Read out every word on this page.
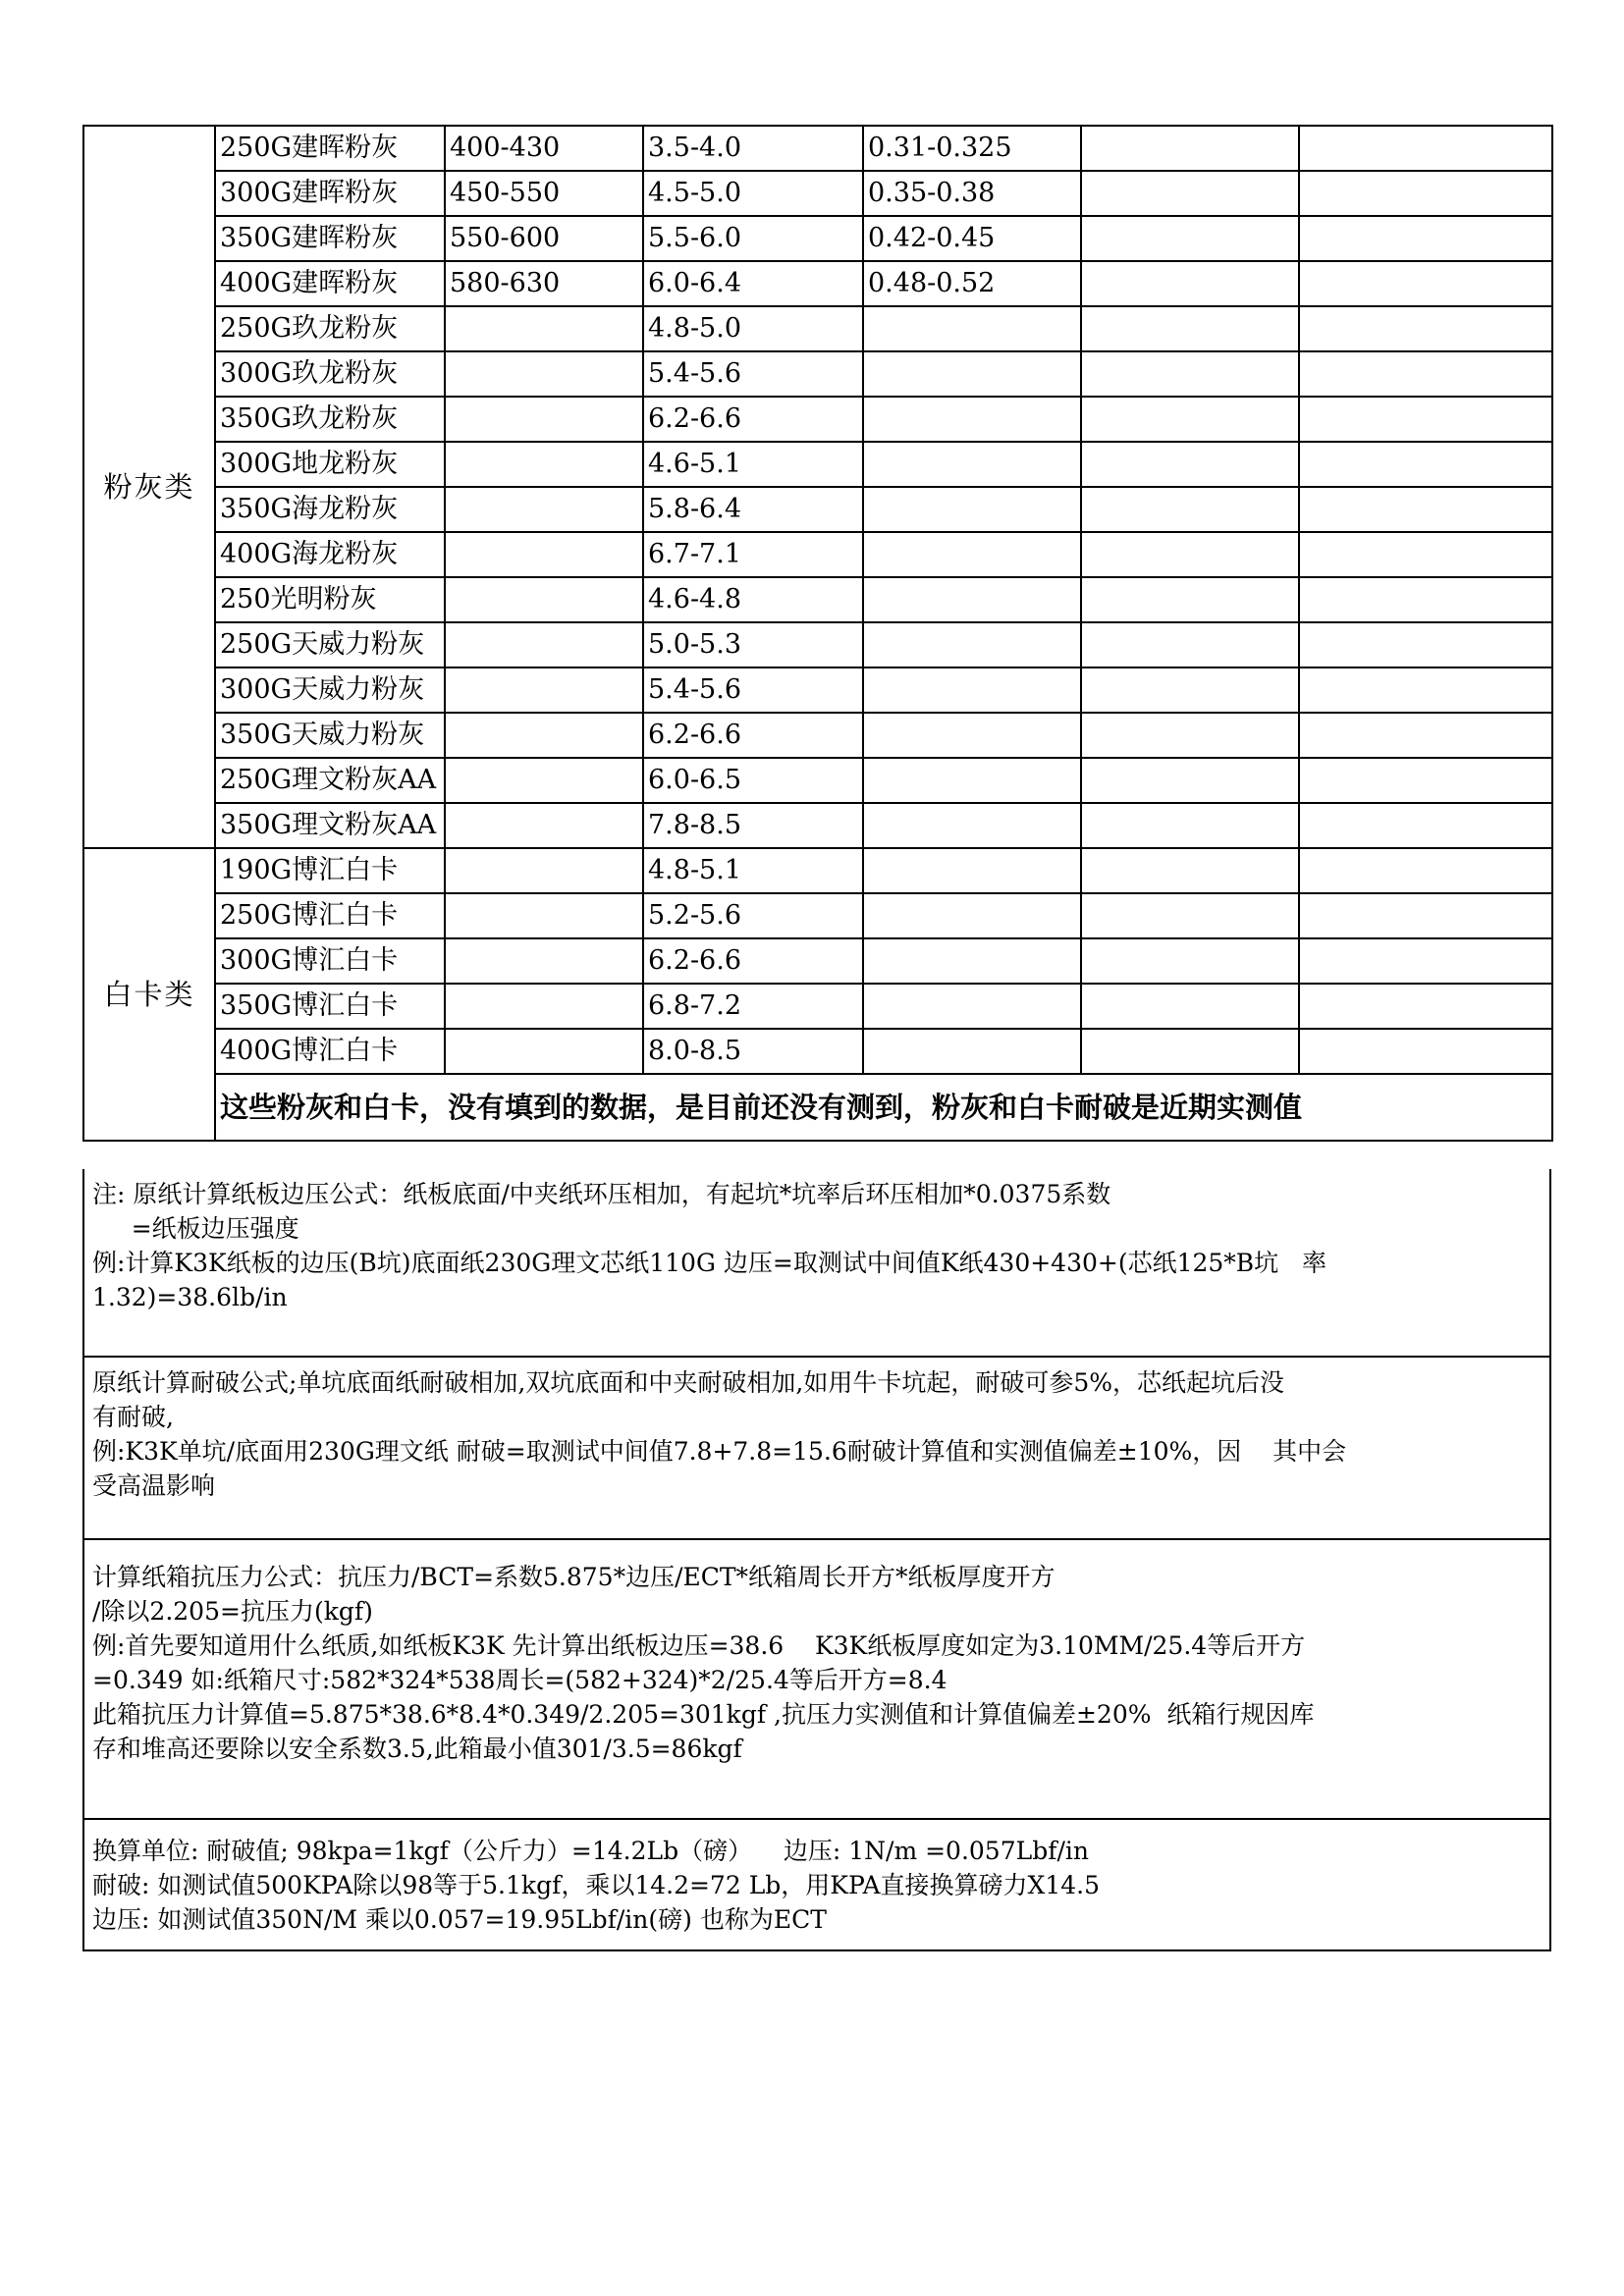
粉灰类	250G建晖粉灰	400-430	3.5-4.0	0.31-0.325		
	300G建晖粉灰	450-550	4.5-5.0	0.35-0.38		
	350G建晖粉灰	550-600	5.5-6.0	0.42-0.45		
	400G建晖粉灰	580-630	6.0-6.4	0.48-0.52		
	250G玖龙粉灰		4.8-5.0			
	300G玖龙粉灰		5.4-5.6			
	350G玖龙粉灰		6.2-6.6			
	300G地龙粉灰		4.6-5.1			
	350G海龙粉灰		5.8-6.4			
	400G海龙粉灰		6.7-7.1			
	250光明粉灰		4.6-4.8			
	250G天威力粉灰		5.0-5.3			
	300G天威力粉灰		5.4-5.6			
	350G天威力粉灰		6.2-6.6			
	250G理文粉灰AA		6.0-6.5			
	350G理文粉灰AA		7.8-8.5			
白卡类	190G博汇白卡		4.8-5.1			
	250G博汇白卡		5.2-5.6			
	300G博汇白卡		6.2-6.6			
	350G博汇白卡		6.8-7.2			
	400G博汇白卡		8.0-8.5			
	这些粉灰和白卡，没有填到的数据，是目前还没有测到，粉灰和白卡耐破是近期实测值					

注: 原纸计算纸板边压公式：纸板底面/中夹纸环压相加，有起坑*坑率后环压相加*0.0375系数

=纸板边压强度

例:计算K3K纸板的边压(B坑)底面纸230G理文芯纸110G 边压=取测试中间值K纸430+430+(芯纸125*B坑   率

1.32)=38.6lb/in

原纸计算耐破公式;单坑底面纸耐破相加,双坑底面和中夹耐破相加,如用牛卡坑起，耐破可参5%，芯纸起坑后没

有耐破,

例:K3K单坑/底面用230G理文纸 耐破=取测试中间值7.8+7.8=15.6耐破计算值和实测值偏差±10%，因    其中会

受高温影响

计算纸箱抗压力公式：抗压力/BCT=系数5.875*边压/ECT*纸箱周长开方*纸板厚度开方

/除以2.205=抗压力(kgf)

例:首先要知道用什么纸质,如纸板K3K 先计算出纸板边压=38.6    K3K纸板厚度如定为3.10MM/25.4等后开方

=0.349 如:纸箱尺寸:582*324*538周长=(582+324)*2/25.4等后开方=8.4

此箱抗压力计算值=5.875*38.6*8.4*0.349/2.205=301kgf ,抗压力实测值和计算值偏差±20%  纸箱行规因库

存和堆高还要除以安全系数3.5,此箱最小值301/3.5=86kgf

换算单位: 耐破值; 98kpa=1kgf（公斤力）=14.2Lb（磅）    边压: 1N/m =0.057Lbf/in

耐破: 如测试值500KPA除以98等于5.1kgf，乘以14.2=72 Lb，用KPA直接换算磅力X14.5

边压: 如测试值350N/M 乘以0.057=19.95Lbf/in(磅) 也称为ECT
